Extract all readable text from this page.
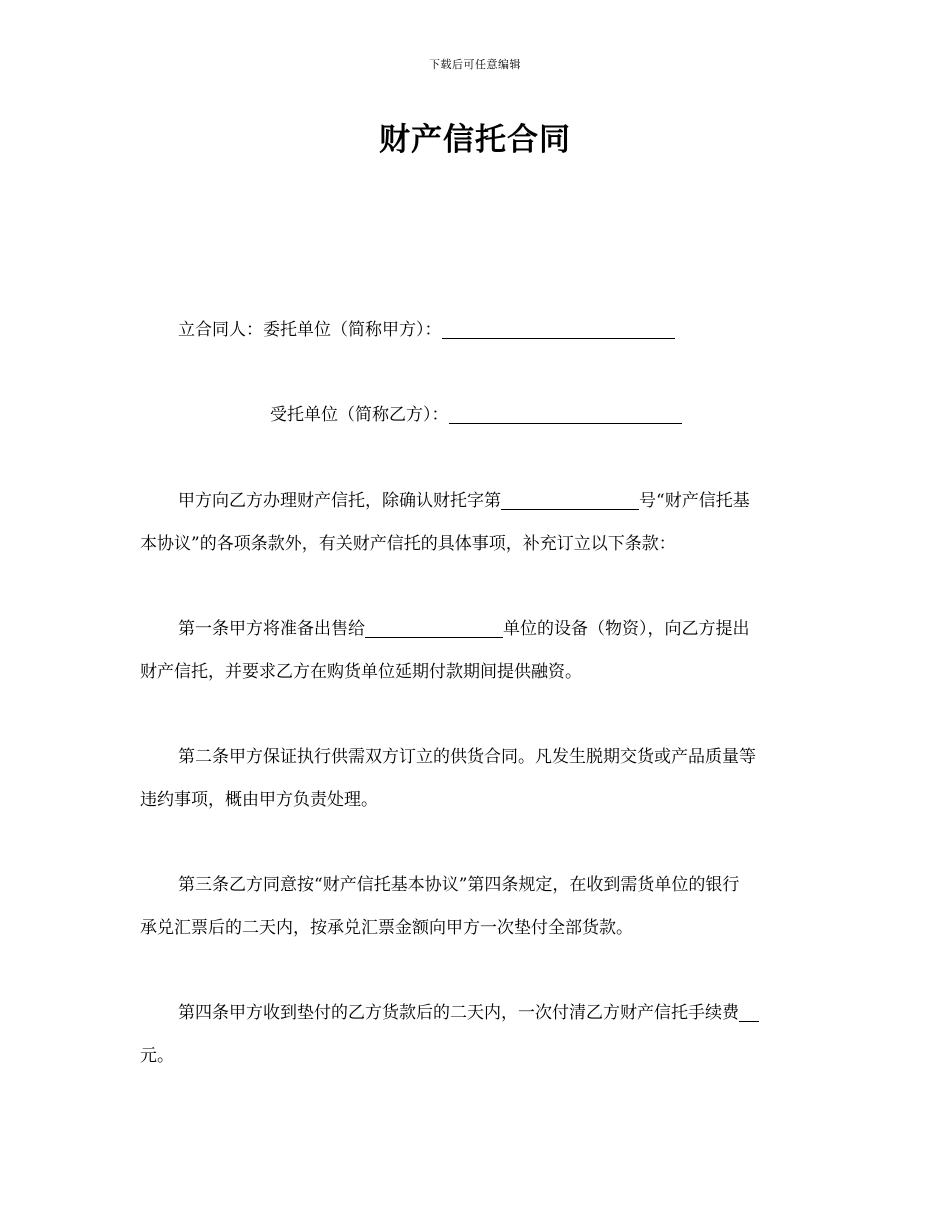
下载后可任意编辑
财产信托合同
立合同人：委托单位（简称甲方）：
受托单位（简称乙方）：
甲方向乙方办理财产信托，除确认财托字第	号“财产信托基
本协议”的各项条款外，有关财产信托的具体事项，补充订立以下条款：
第一条甲方将准备出售给	单位的设备（物资），向乙方提出
财产信托，并要求乙方在购货单位延期付款期间提供融资。
第二条甲方保证执行供需双方订立的供货合同。凡发生脱期交货或产品质量等
违约事项，概由甲方负责处理。
第三条乙方同意按“财产信托基本协议”第四条规定，在收到需货单位的银行
承兑汇票后的二天内，按承兑汇票金额向甲方一次垫付全部货款。
第四条甲方收到垫付的乙方货款后的二天内，一次付清乙方财产信托手续费
元。
